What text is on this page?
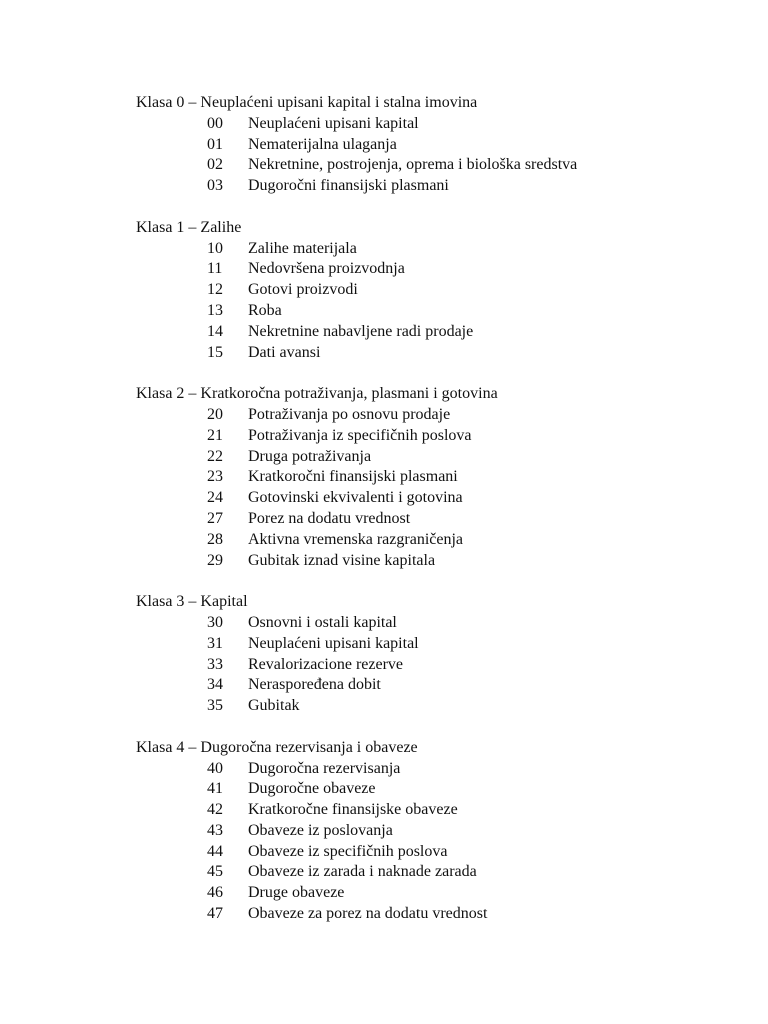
Klasa 0 – Neuplaćeni upisani kapital i stalna imovina
00 Neuplaćeni upisani kapital
01 Nematerijalna ulaganja
02 Nekretnine, postrojenja, oprema i biološka sredstva
03 Dugoročni finansijski plasmani
Klasa 1 – Zalihe
10 Zalihe materijala
11 Nedovršena proizvodnja
12 Gotovi proizvodi
13 Roba
14 Nekretnine nabavljene radi prodaje
15 Dati avansi
Klasa 2 – Kratkoročna potraživanja, plasmani i gotovina
20 Potraživanja po osnovu prodaje
21 Potraživanja iz specifičnih poslova
22 Druga potraživanja
23 Kratkoročni finansijski plasmani
24 Gotovinski ekvivalenti i gotovina
27 Porez na dodatu vrednost
28 Aktivna vremenska razgraničenja
29 Gubitak iznad visine kapitala
Klasa 3 – Kapital
30 Osnovni i ostali kapital
31 Neuplaćeni upisani kapital
33 Revalorizacione rezerve
34 Neraspoređena dobit
35 Gubitak
Klasa 4 – Dugoročna rezervisanja i obaveze
40 Dugoročna rezervisanja
41 Dugoročne obaveze
42 Kratkoročne finansijske obaveze
43 Obaveze iz poslovanja
44 Obaveze iz specifičnih poslova
45 Obaveze iz zarada i naknade zarada
46 Druge obaveze
47 Obaveze za porez na dodatu vrednost
